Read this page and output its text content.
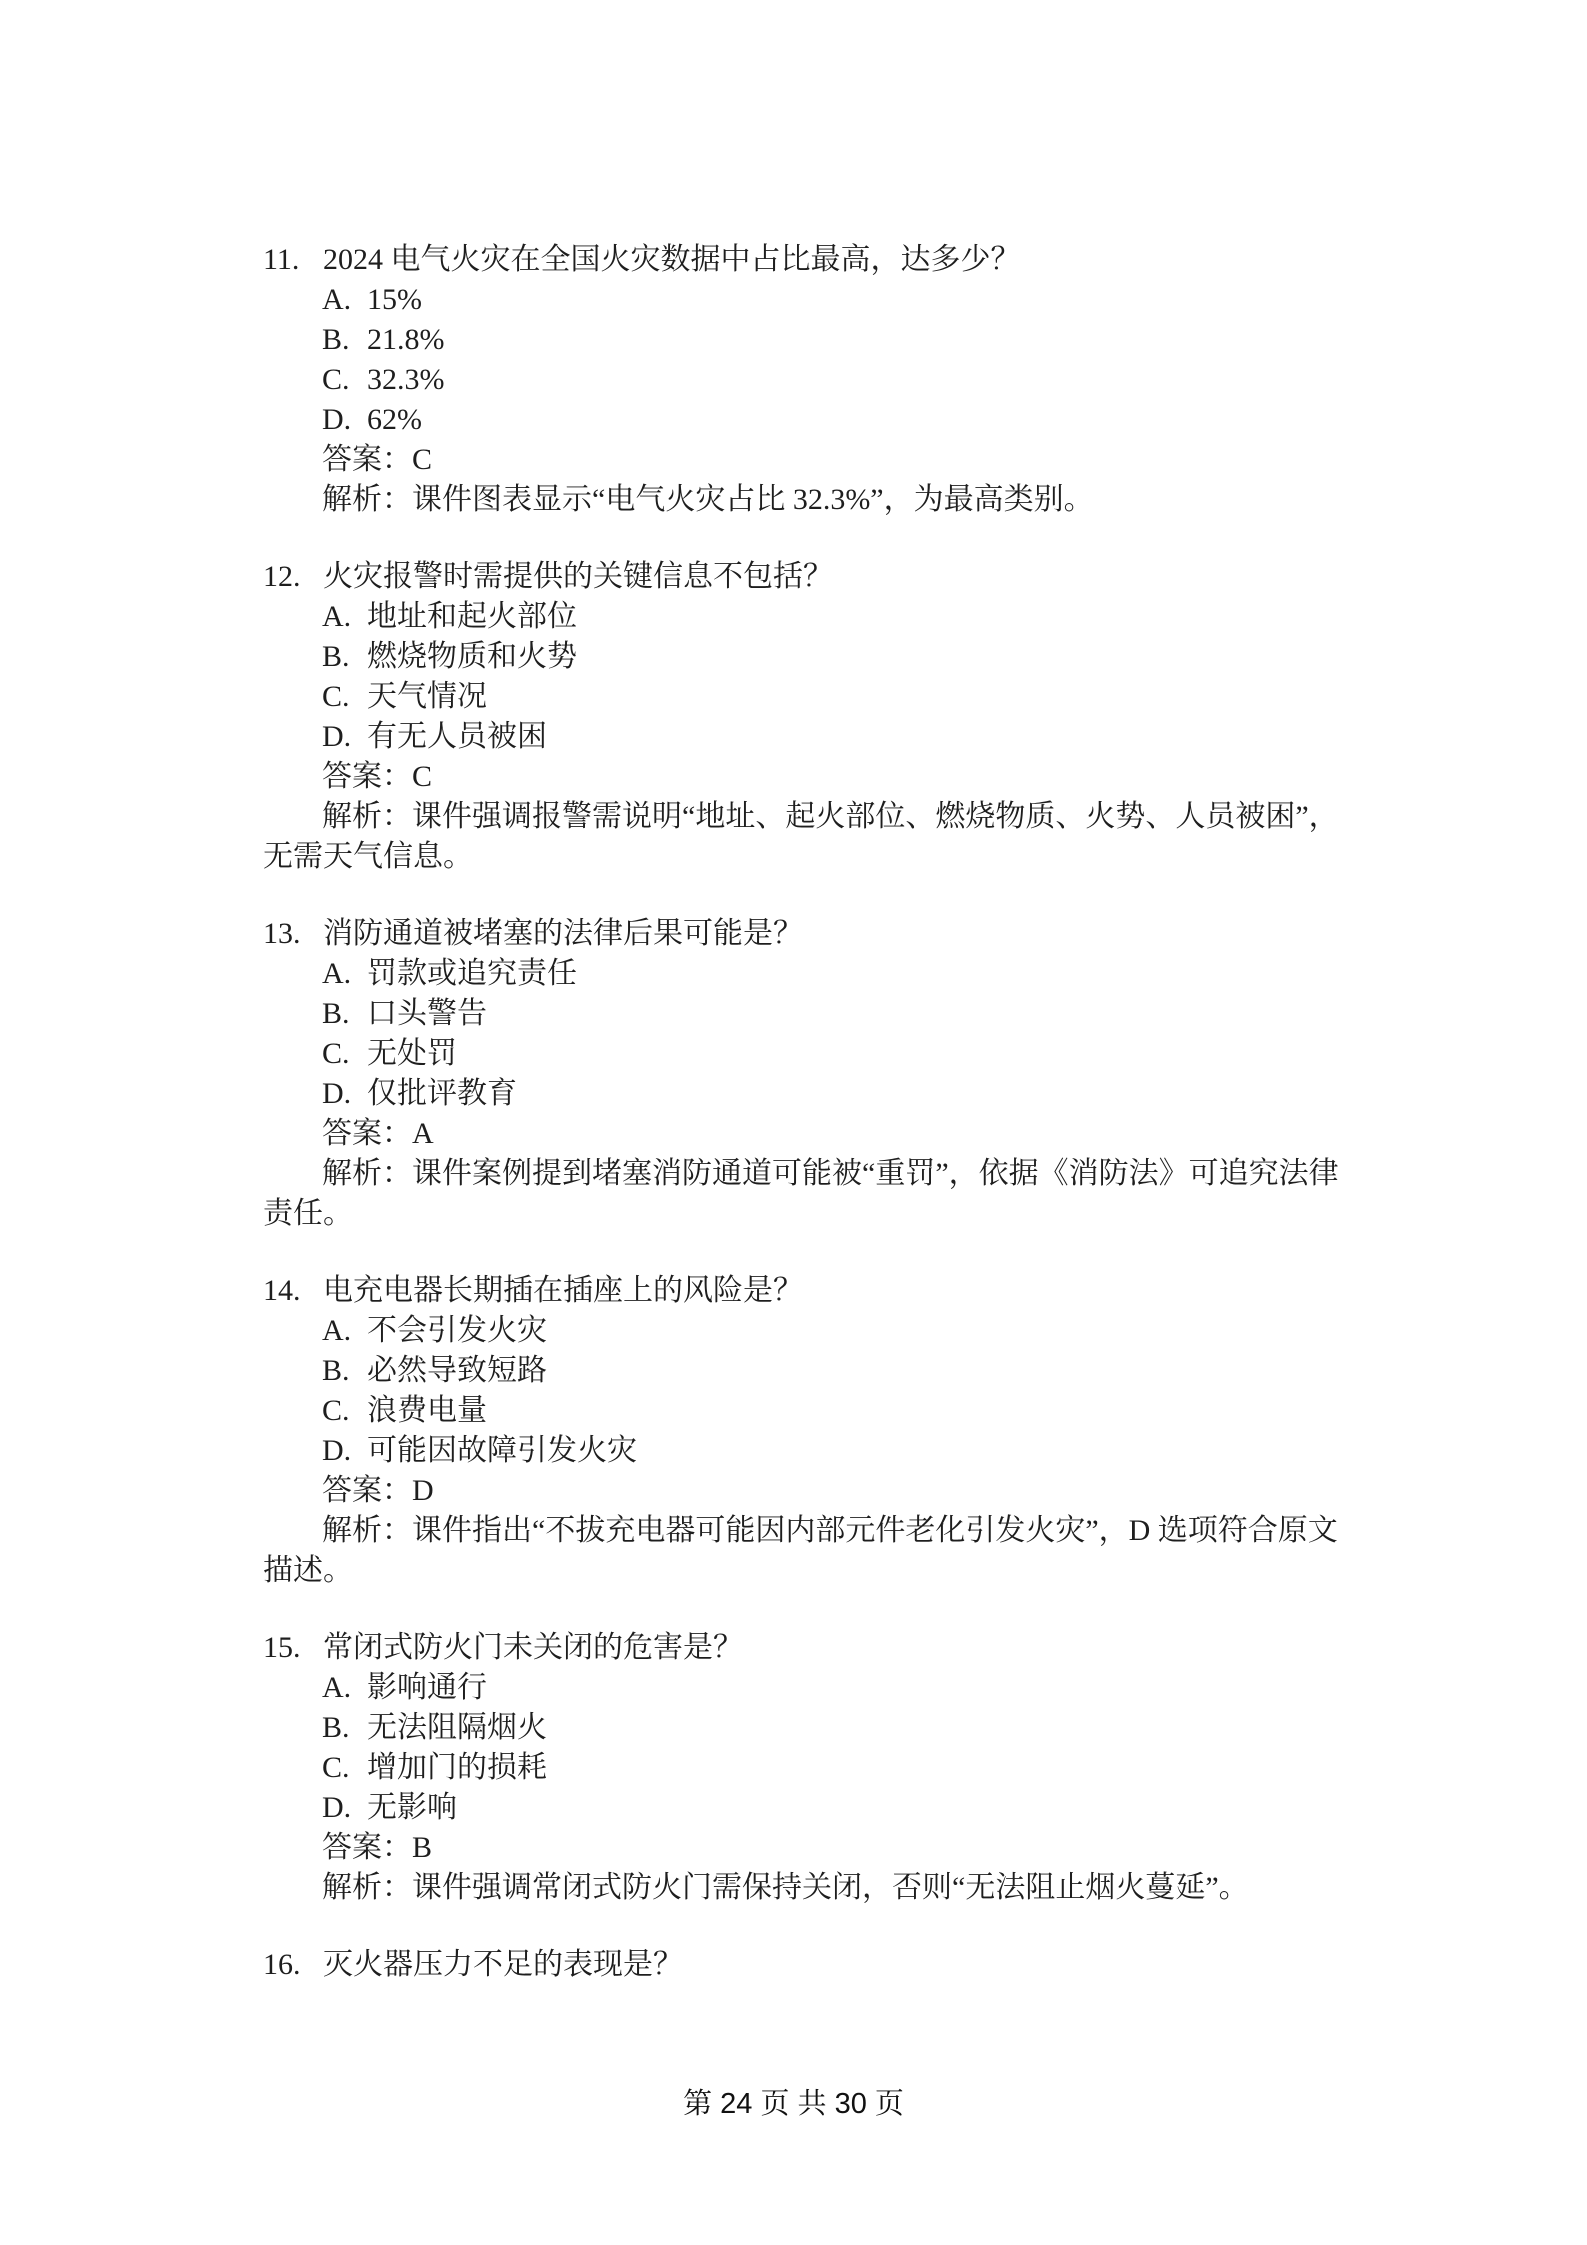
11. 2024 电气火灾在全国火灾数据中占比最高，达多少？
A. 15%
B. 21.8%
C. 32.3%
D. 62%
答案：C

解析：课件图表显示“电气火灾占比 32.3%”，为最高类别。

12. 火灾报警时需提供的关键信息不包括？
A. 地址和起火部位
B. 燃烧物质和火势
C. 天气情况
D. 有无人员被困
答案：C

解析：课件强调报警需说明“地址、起火部位、燃烧物质、火势、人员被困”，无需天气信息。

13. 消防通道被堵塞的法律后果可能是？
A. 罚款或追究责任
B. 口头警告
C. 无处罚
D. 仅批评教育
答案：A

解析：课件案例提到堵塞消防通道可能被“重罚”，依据《消防法》可追究法律责任。

14. 电充电器长期插在插座上的风险是？
A. 不会引发火灾
B. 必然导致短路
C. 浪费电量
D. 可能因故障引发火灾
答案：D

解析：课件指出“不拔充电器可能因内部元件老化引发火灾”，D 选项符合原文描述。

15. 常闭式防火门未关闭的危害是？
A. 影响通行
B. 无法阻隔烟火
C. 增加门的损耗
D. 无影响
答案：B

解析：课件强调常闭式防火门需保持关闭，否则“无法阻止烟火蔓延”。

16. 灭火器压力不足的表现是？
第 24 页 共 30 页
